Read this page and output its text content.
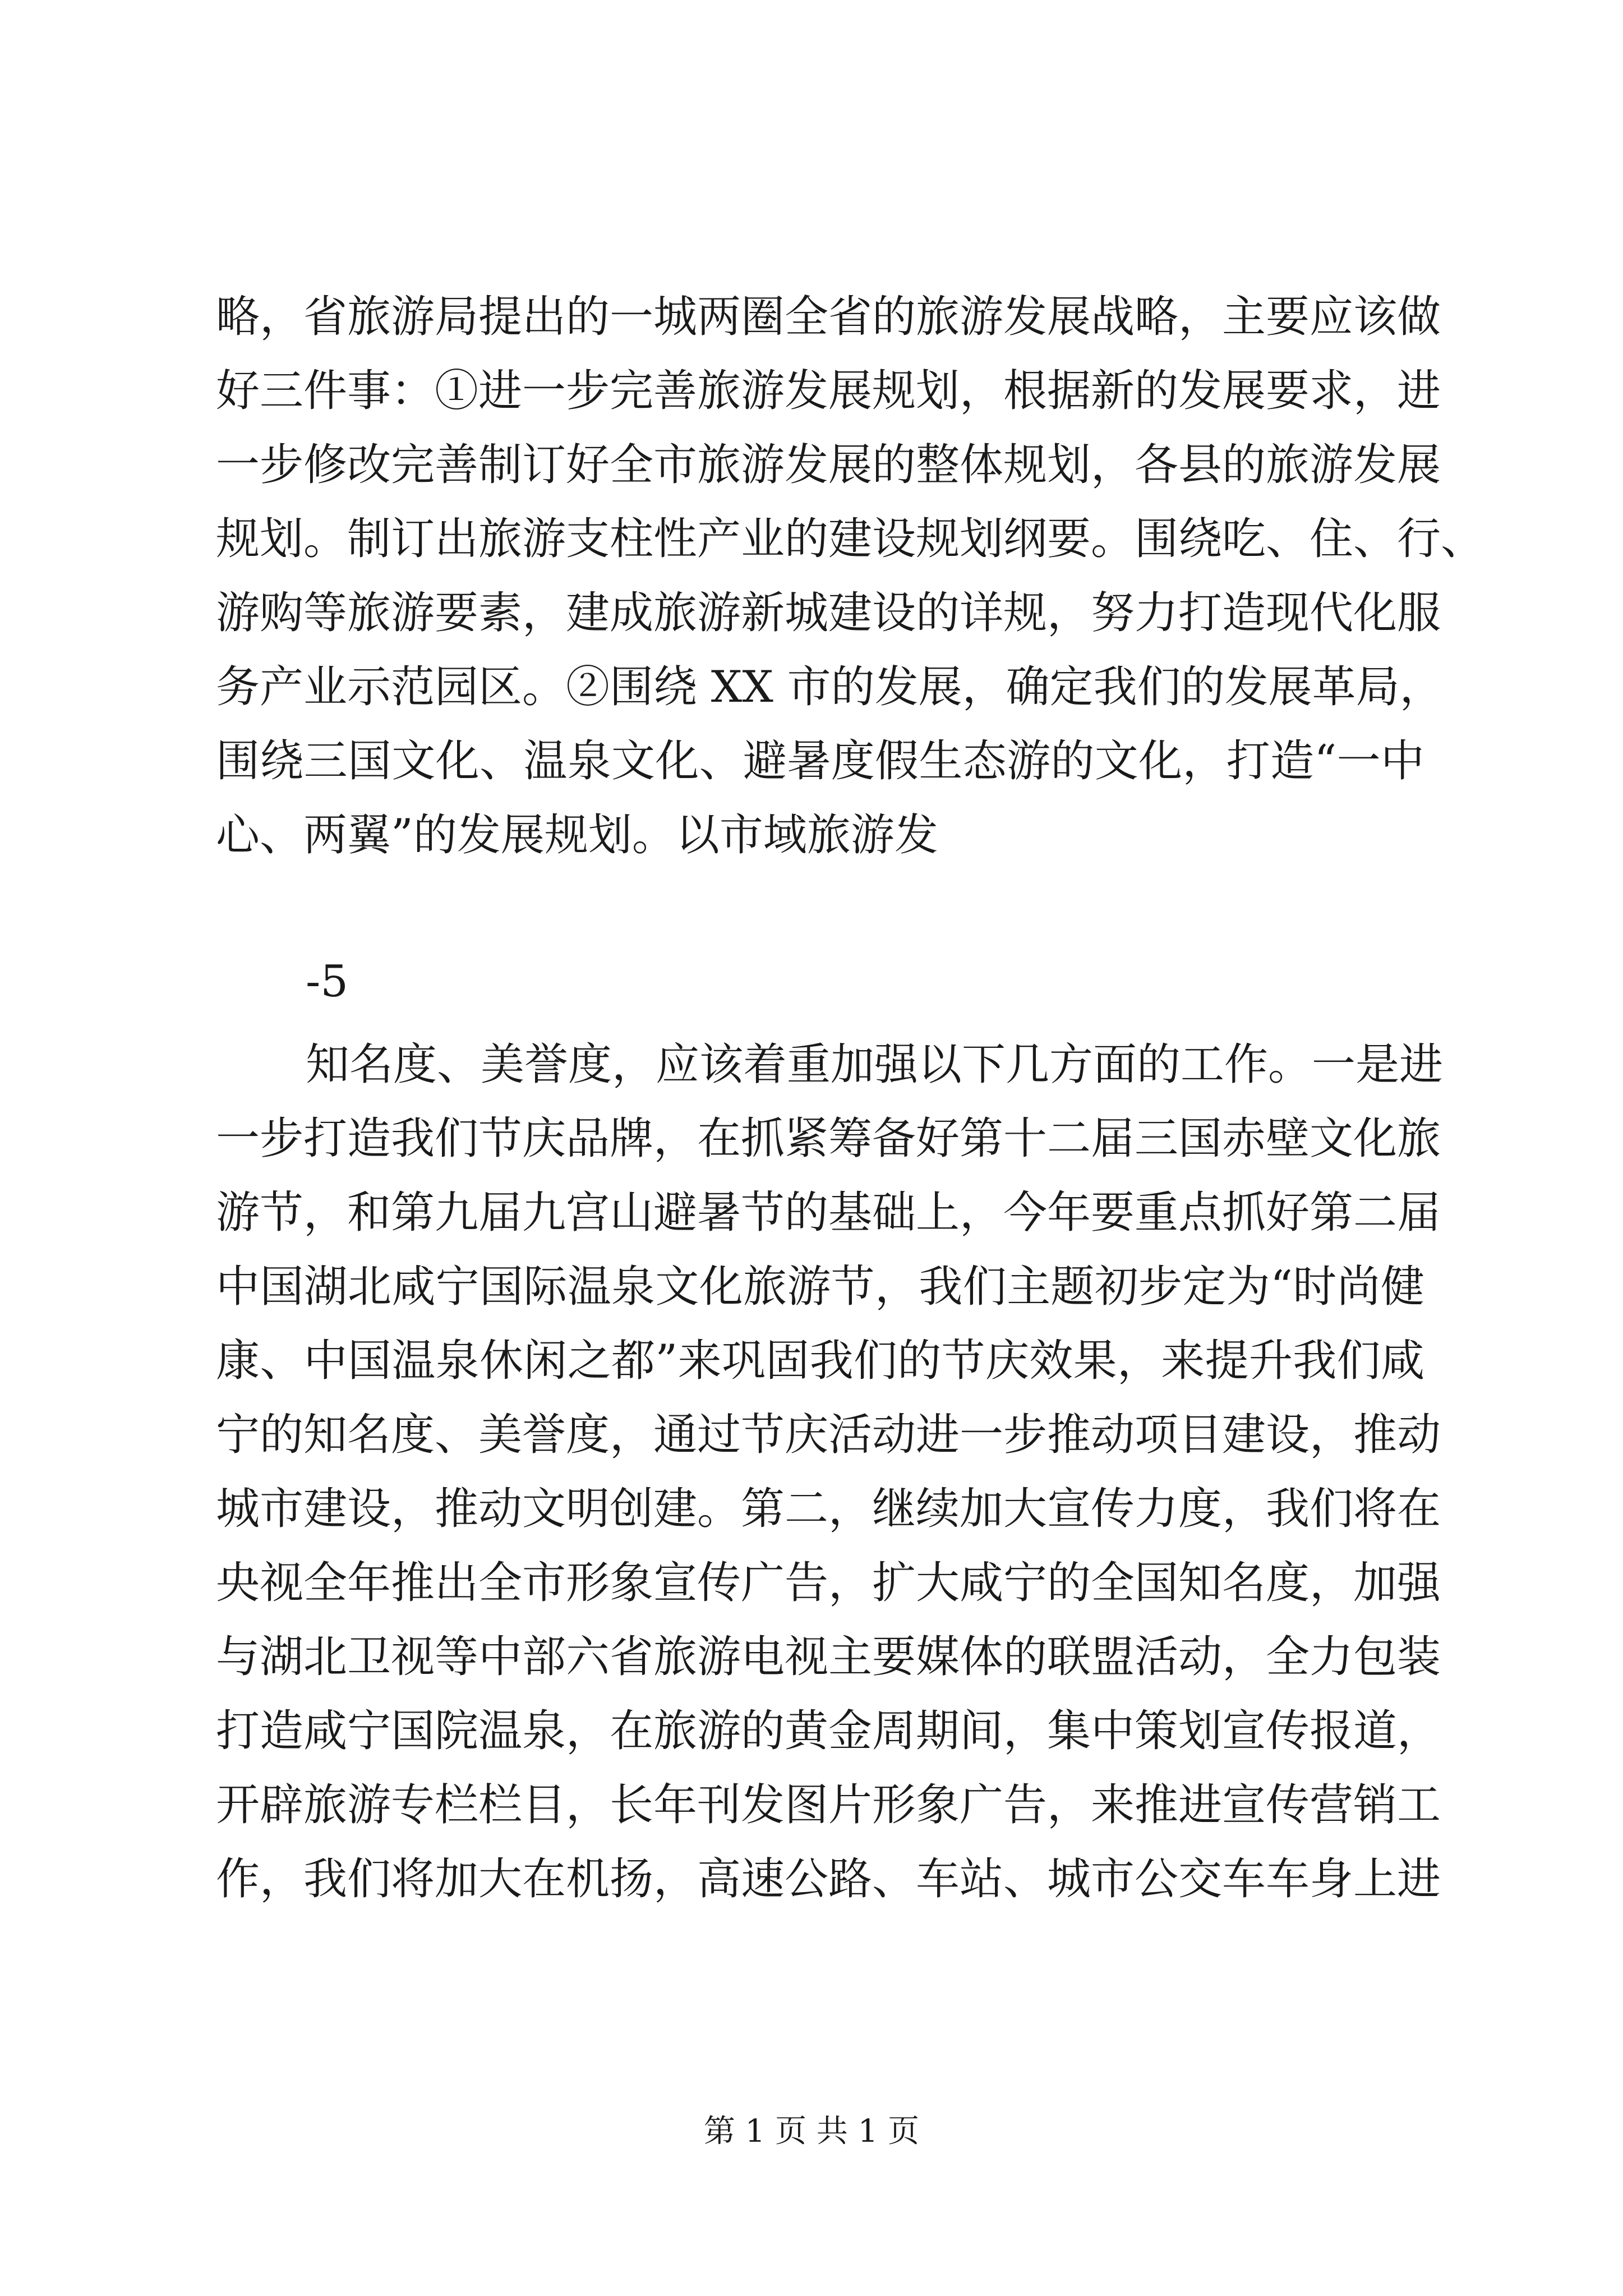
略，省旅游局提出的一城两圈全省的旅游发展战略，主要应该做
好三件事：①进一步完善旅游发展规划，根据新的发展要求，进
一步修改完善制订好全市旅游发展的整体规划，各县的旅游发展
规划。制订出旅游支柱性产业的建设规划纲要。围绕吃、住、行、
游购等旅游要素，建成旅游新城建设的详规，努力打造现代化服
务产业示范园区。②围绕 XX 市的发展，确定我们的发展革局，
围绕三国文化、温泉文化、避暑度假生态游的文化，打造“一中
心、两翼”的发展规划。以市域旅游发
-5
知名度、美誉度，应该着重加强以下几方面的工作。一是进
一步打造我们节庆品牌，在抓紧筹备好第十二届三国赤壁文化旅
游节，和第九届九宫山避暑节的基础上，今年要重点抓好第二届
中国湖北咸宁国际温泉文化旅游节，我们主题初步定为“时尚健
康、中国温泉休闲之都”来巩固我们的节庆效果，来提升我们咸
宁的知名度、美誉度，通过节庆活动进一步推动项目建设，推动
城市建设，推动文明创建。第二，继续加大宣传力度，我们将在
央视全年推出全市形象宣传广告，扩大咸宁的全国知名度，加强
与湖北卫视等中部六省旅游电视主要媒体的联盟活动，全力包装
打造咸宁国院温泉，在旅游的黄金周期间，集中策划宣传报道，
开辟旅游专栏栏目，长年刊发图片形象广告，来推进宣传营销工
作，我们将加大在机扬，高速公路、车站、城市公交车车身上进
第 1 页 共 1 页
